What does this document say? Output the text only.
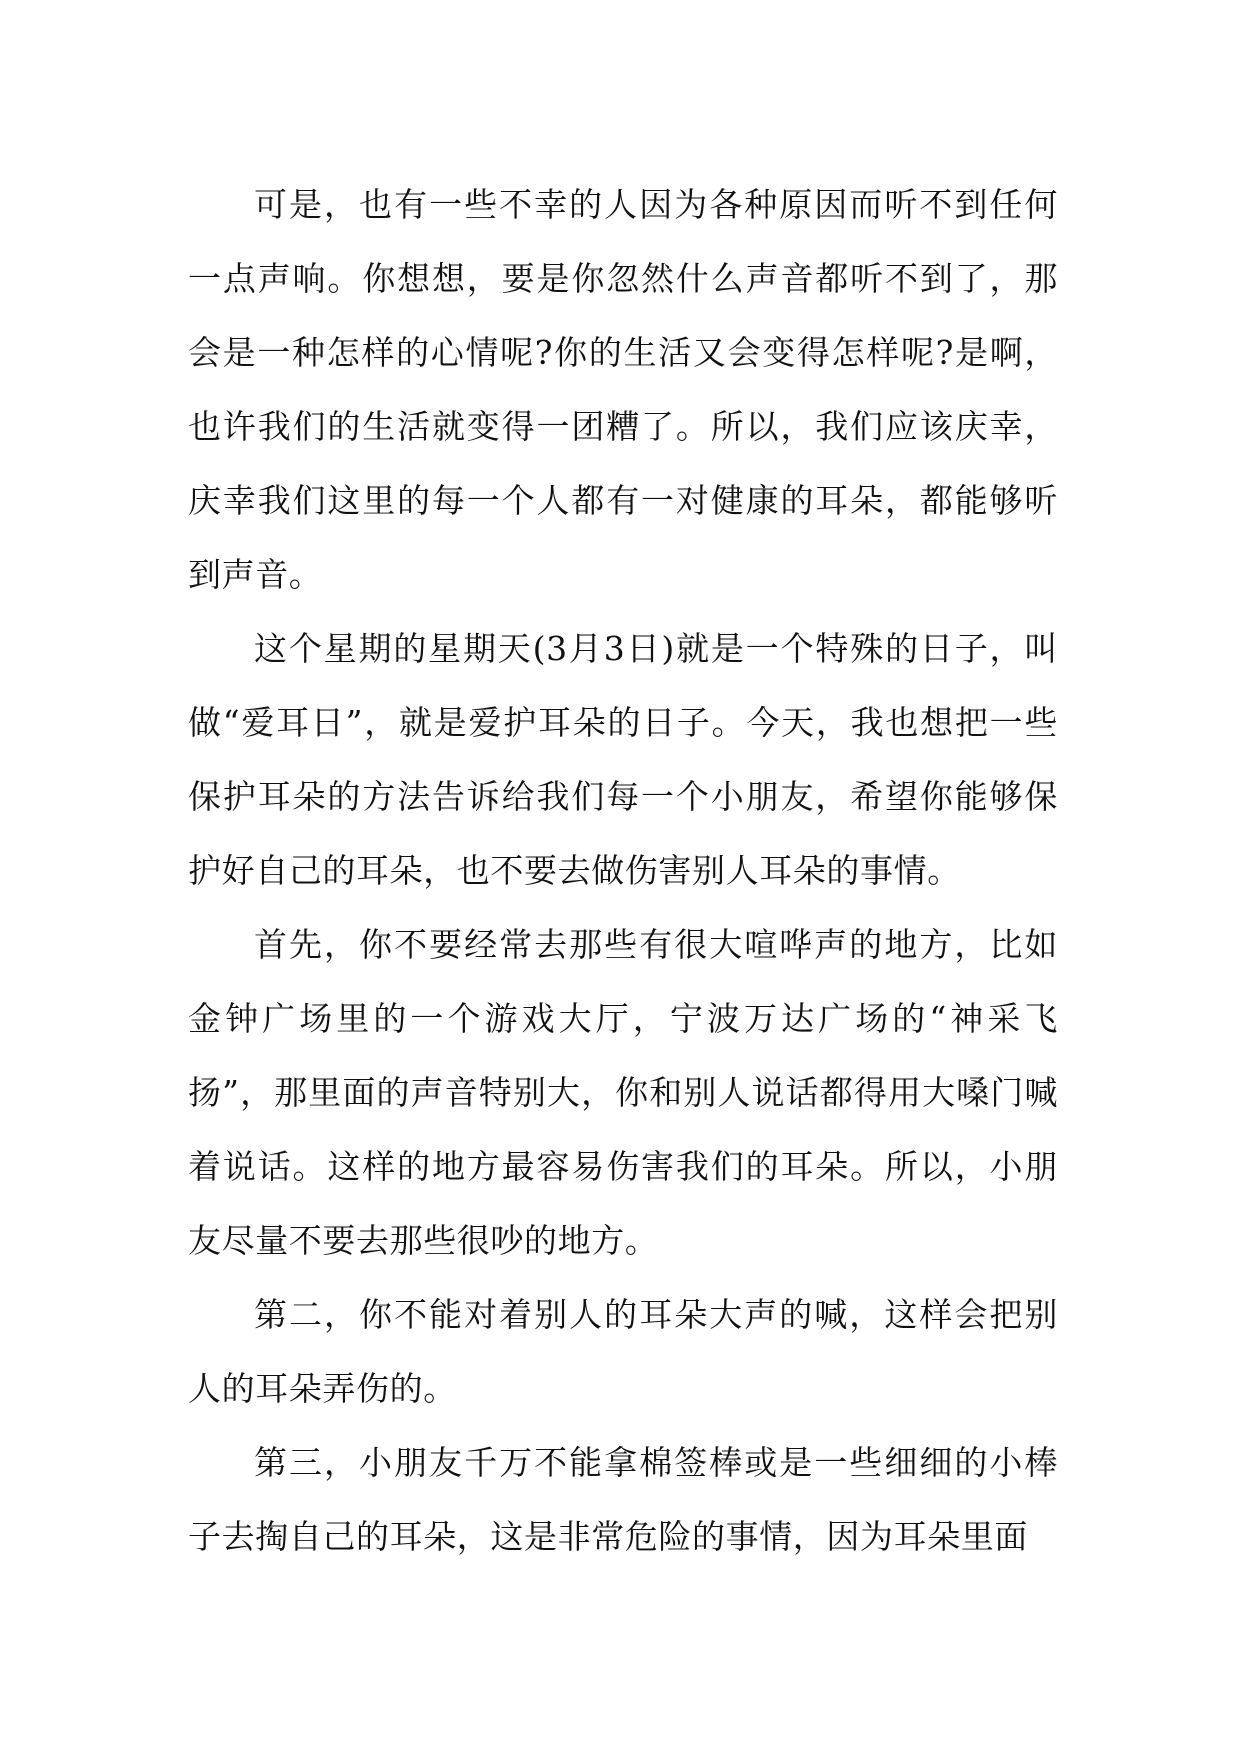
可是，也有一些不幸的人因为各种原因而听不到任何一点声响。你想想，要是你忽然什么声音都听不到了，那会是一种怎样的心情呢?你的生活又会变得怎样呢?是啊，也许我们的生活就变得一团糟了。所以，我们应该庆幸，庆幸我们这里的每一个人都有一对健康的耳朵，都能够听到声音。

这个星期的星期天(3月3日)就是一个特殊的日子，叫做“爱耳日”，就是爱护耳朵的日子。今天，我也想把一些保护耳朵的方法告诉给我们每一个小朋友，希望你能够保护好自己的耳朵，也不要去做伤害别人耳朵的事情。

首先，你不要经常去那些有很大喧哗声的地方，比如金钟广场里的一个游戏大厅，宁波万达广场的“神采飞扬”，那里面的声音特别大，你和别人说话都得用大嗓门喊着说话。这样的地方最容易伤害我们的耳朵。所以，小朋友尽量不要去那些很吵的地方。

第二，你不能对着别人的耳朵大声的喊，这样会把别人的耳朵弄伤的。

第三，小朋友千万不能拿棉签棒或是一些细细的小棒子去掏自己的耳朵，这是非常危险的事情，因为耳朵里面
